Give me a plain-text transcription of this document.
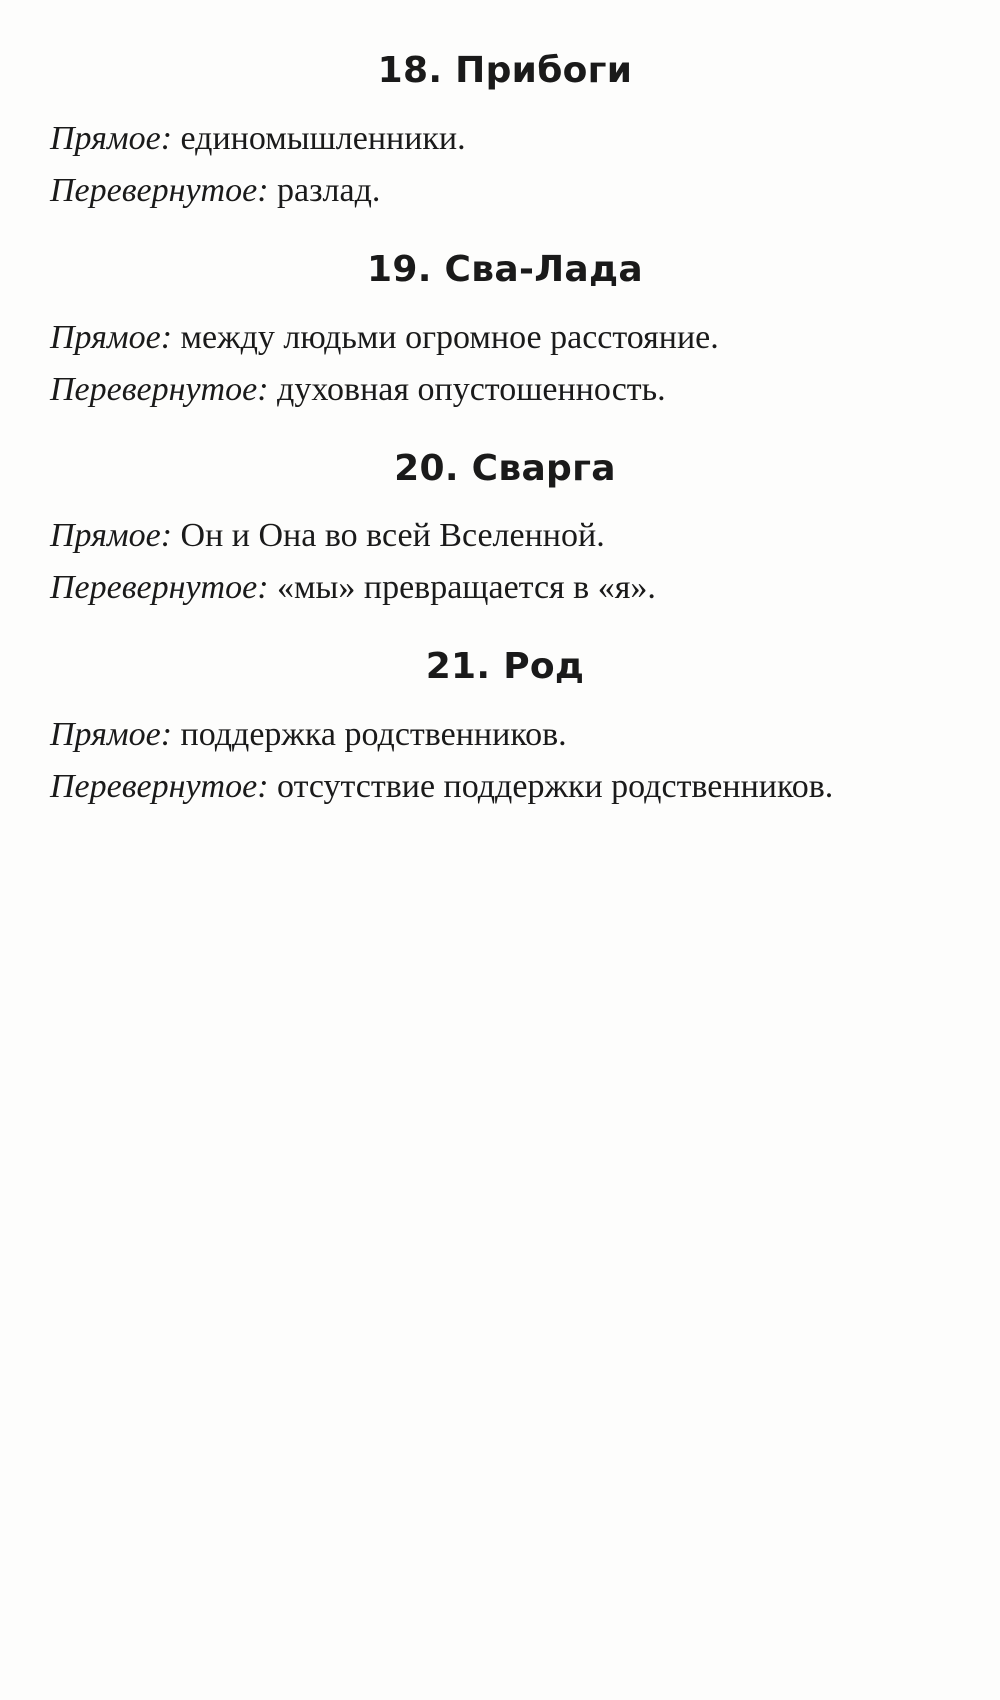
18. Прибоги

Прямое: единомышленники.

Перевернутое: разлад.

19. Сва-Лада

Прямое: между людьми огромное расстояние.

Перевернутое: духовная опустошенность.

20. Сварга

Прямое: Он и Она во всей Вселенной.

Перевернутое: «мы» превращается в «я».

21. Род

Прямое: поддержка родственников.

Перевернутое: отсутствие поддержки родственников.
